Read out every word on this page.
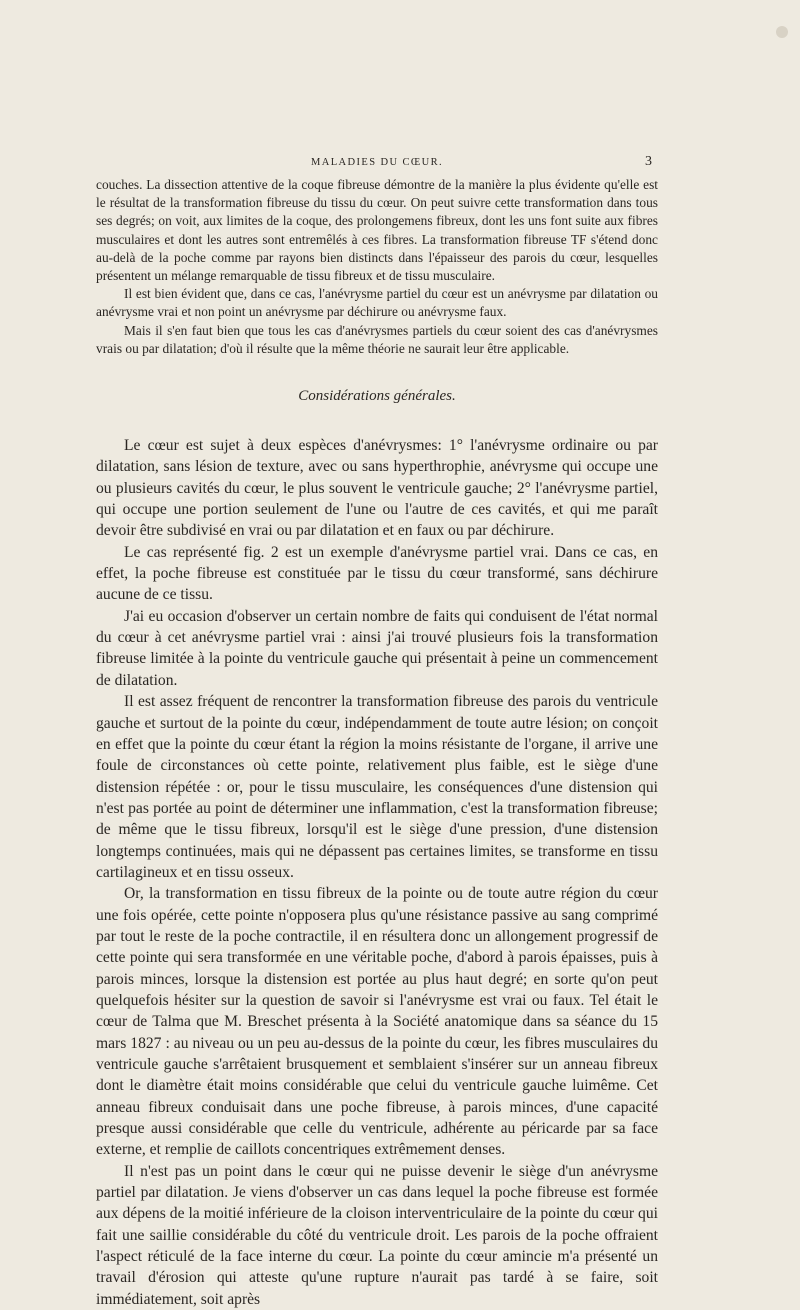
MALADIES DU CŒUR.	3

couches. La dissection attentive de la coque fibreuse démontre de la manière la plus évidente qu'elle est le résultat de la transformation fibreuse du tissu du cœur. On peut suivre cette transformation dans tous ses degrés; on voit, aux limites de la coque, des prolongemens fibreux, dont les uns font suite aux fibres musculaires et dont les autres sont entremêlés à ces fibres. La transformation fibreuse TF s'étend donc au-delà de la poche comme par rayons bien distincts dans l'épaisseur des parois du cœur, lesquelles présentent un mélange remarquable de tissu fibreux et de tissu musculaire.

Il est bien évident que, dans ce cas, l'anévrysme partiel du cœur est un anévrysme par dilatation ou anévrysme vrai et non point un anévrysme par déchirure ou anévrysme faux.

Mais il s'en faut bien que tous les cas d'anévrysmes partiels du cœur soient des cas d'anévrysmes vrais ou par dilatation; d'où il résulte que la même théorie ne saurait leur être applicable.

Considérations générales.

Le cœur est sujet à deux espèces d'anévrysmes: 1° l'anévrysme ordinaire ou par dilatation, sans lésion de texture, avec ou sans hyperthrophie, anévrysme qui occupe une ou plusieurs cavités du cœur, le plus souvent le ventricule gauche; 2° l'anévrysme partiel, qui occupe une portion seulement de l'une ou l'autre de ces cavités, et qui me paraît devoir être subdivisé en vrai ou par dilatation et en faux ou par déchirure.

Le cas représenté fig. 2 est un exemple d'anévrysme partiel vrai. Dans ce cas, en effet, la poche fibreuse est constituée par le tissu du cœur transformé, sans déchirure aucune de ce tissu.

J'ai eu occasion d'observer un certain nombre de faits qui conduisent de l'état normal du cœur à cet anévrysme partiel vrai : ainsi j'ai trouvé plusieurs fois la transformation fibreuse limitée à la pointe du ventricule gauche qui présentait à peine un commencement de dilatation.

Il est assez fréquent de rencontrer la transformation fibreuse des parois du ventricule gauche et surtout de la pointe du cœur, indépendamment de toute autre lésion; on conçoit en effet que la pointe du cœur étant la région la moins résistante de l'organe, il arrive une foule de circonstances où cette pointe, relativement plus faible, est le siège d'une distension répétée : or, pour le tissu musculaire, les conséquences d'une distension qui n'est pas portée au point de déterminer une inflammation, c'est la transformation fibreuse; de même que le tissu fibreux, lorsqu'il est le siège d'une pression, d'une distension longtemps continuées, mais qui ne dépassent pas certaines limites, se transforme en tissu cartilagineux et en tissu osseux.

Or, la transformation en tissu fibreux de la pointe ou de toute autre région du cœur une fois opérée, cette pointe n'opposera plus qu'une résistance passive au sang comprimé par tout le reste de la poche contractile, il en résultera donc un allongement progressif de cette pointe qui sera transformée en une véritable poche, d'abord à parois épaisses, puis à parois minces, lorsque la distension est portée au plus haut degré; en sorte qu'on peut quelquefois hésiter sur la question de savoir si l'anévrysme est vrai ou faux. Tel était le cœur de Talma que M. Breschet présenta à la Société anatomique dans sa séance du 15 mars 1827 : au niveau ou un peu au-dessus de la pointe du cœur, les fibres musculaires du ventricule gauche s'arrêtaient brusquement et semblaient s'insérer sur un anneau fibreux dont le diamètre était moins considérable que celui du ventricule gauche luimême. Cet anneau fibreux conduisait dans une poche fibreuse, à parois minces, d'une capacité presque aussi considérable que celle du ventricule, adhérente au péricarde par sa face externe, et remplie de caillots concentriques extrêmement denses.

Il n'est pas un point dans le cœur qui ne puisse devenir le siège d'un anévrysme partiel par dilatation. Je viens d'observer un cas dans lequel la poche fibreuse est formée aux dépens de la moitié inférieure de la cloison interventriculaire de la pointe du cœur qui fait une saillie considérable du côté du ventricule droit. Les parois de la poche offraient l'aspect réticulé de la face interne du cœur. La pointe du cœur amincie m'a présenté un travail d'érosion qui atteste qu'une rupture n'aurait pas tardé à se faire, soit immédiatement, soit après
